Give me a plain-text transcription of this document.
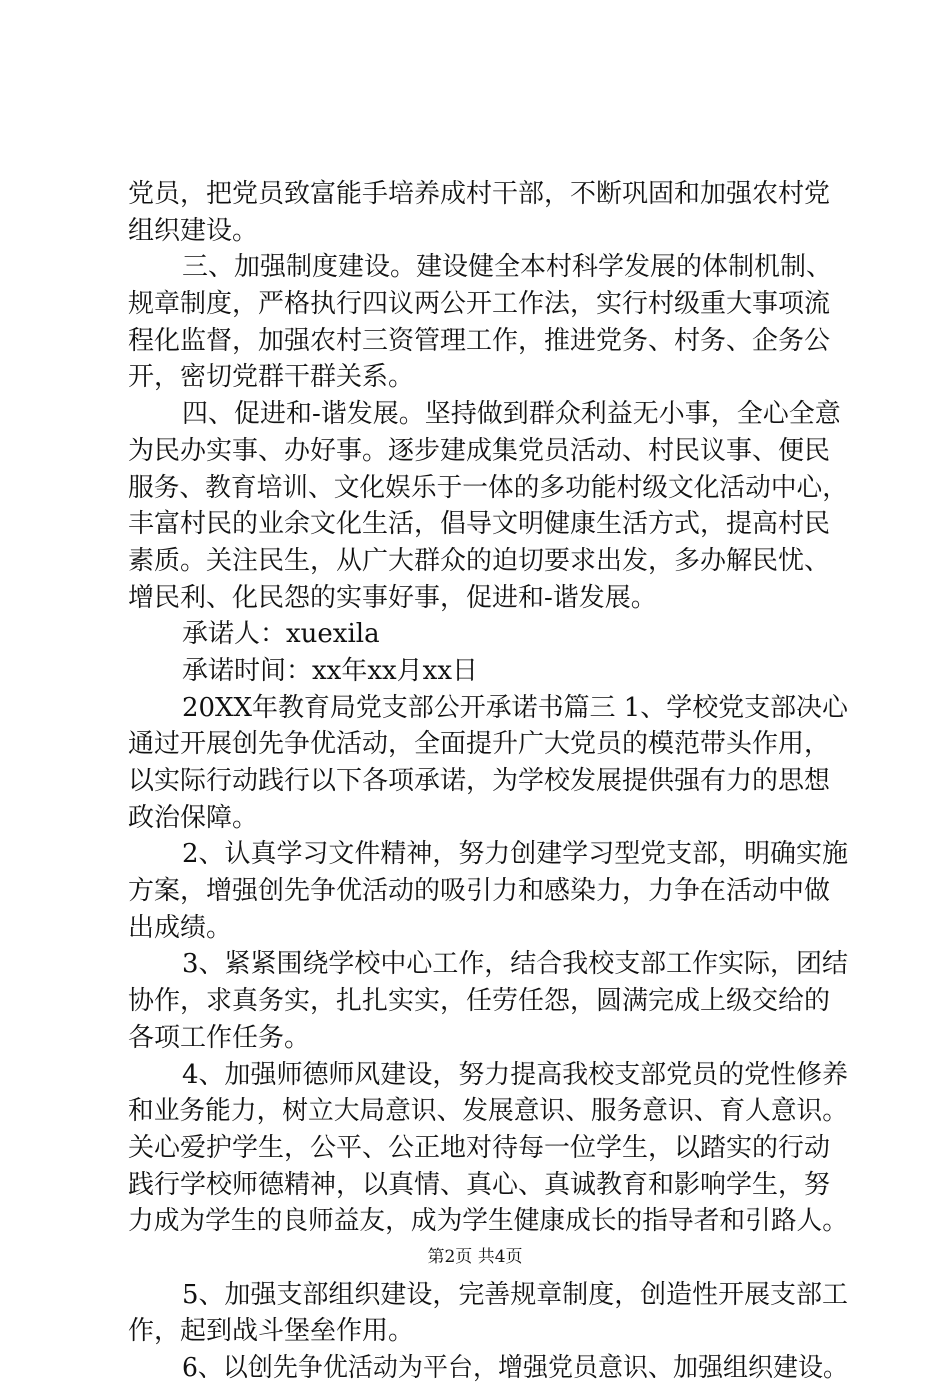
党员，把党员致富能手培养成村干部，不断巩固和加强农村党
组织建设。
三、加强制度建设。建设健全本村科学发展的体制机制、
规章制度，严格执行四议两公开工作法，实行村级重大事项流
程化监督，加强农村三资管理工作，推进党务、村务、企务公
开，密切党群干群关系。
四、促进和-谐发展。坚持做到群众利益无小事，全心全意
为民办实事、办好事。逐步建成集党员活动、村民议事、便民
服务、教育培训、文化娱乐于一体的多功能村级文化活动中心，
丰富村民的业余文化生活，倡导文明健康生活方式，提高村民
素质。关注民生，从广大群众的迫切要求出发，多办解民忧、
增民利、化民怨的实事好事，促进和-谐发展。
承诺人：xuexila
承诺时间：xx年xx月xx日
20XX年教育局党支部公开承诺书篇三 1、学校党支部决心
通过开展创先争优活动，全面提升广大党员的模范带头作用，
以实际行动践行以下各项承诺，为学校发展提供强有力的思想
政治保障。
2、认真学习文件精神，努力创建学习型党支部，明确实施
方案，增强创先争优活动的吸引力和感染力，力争在活动中做
出成绩。
3、紧紧围绕学校中心工作，结合我校支部工作实际，团结
协作，求真务实，扎扎实实，任劳任怨，圆满完成上级交给的
各项工作任务。
4、加强师德师风建设，努力提高我校支部党员的党性修养
和业务能力，树立大局意识、发展意识、服务意识、育人意识。
关心爱护学生，公平、公正地对待每一位学生，以踏实的行动
践行学校师德精神，以真情、真心、真诚教育和影响学生，努
力成为学生的良师益友，成为学生健康成长的指导者和引路人。
5、加强支部组织建设，完善规章制度，创造性开展支部工
作，起到战斗堡垒作用。
6、以创先争优活动为平台，增强党员意识、加强组织建设。
第2页 共4页
